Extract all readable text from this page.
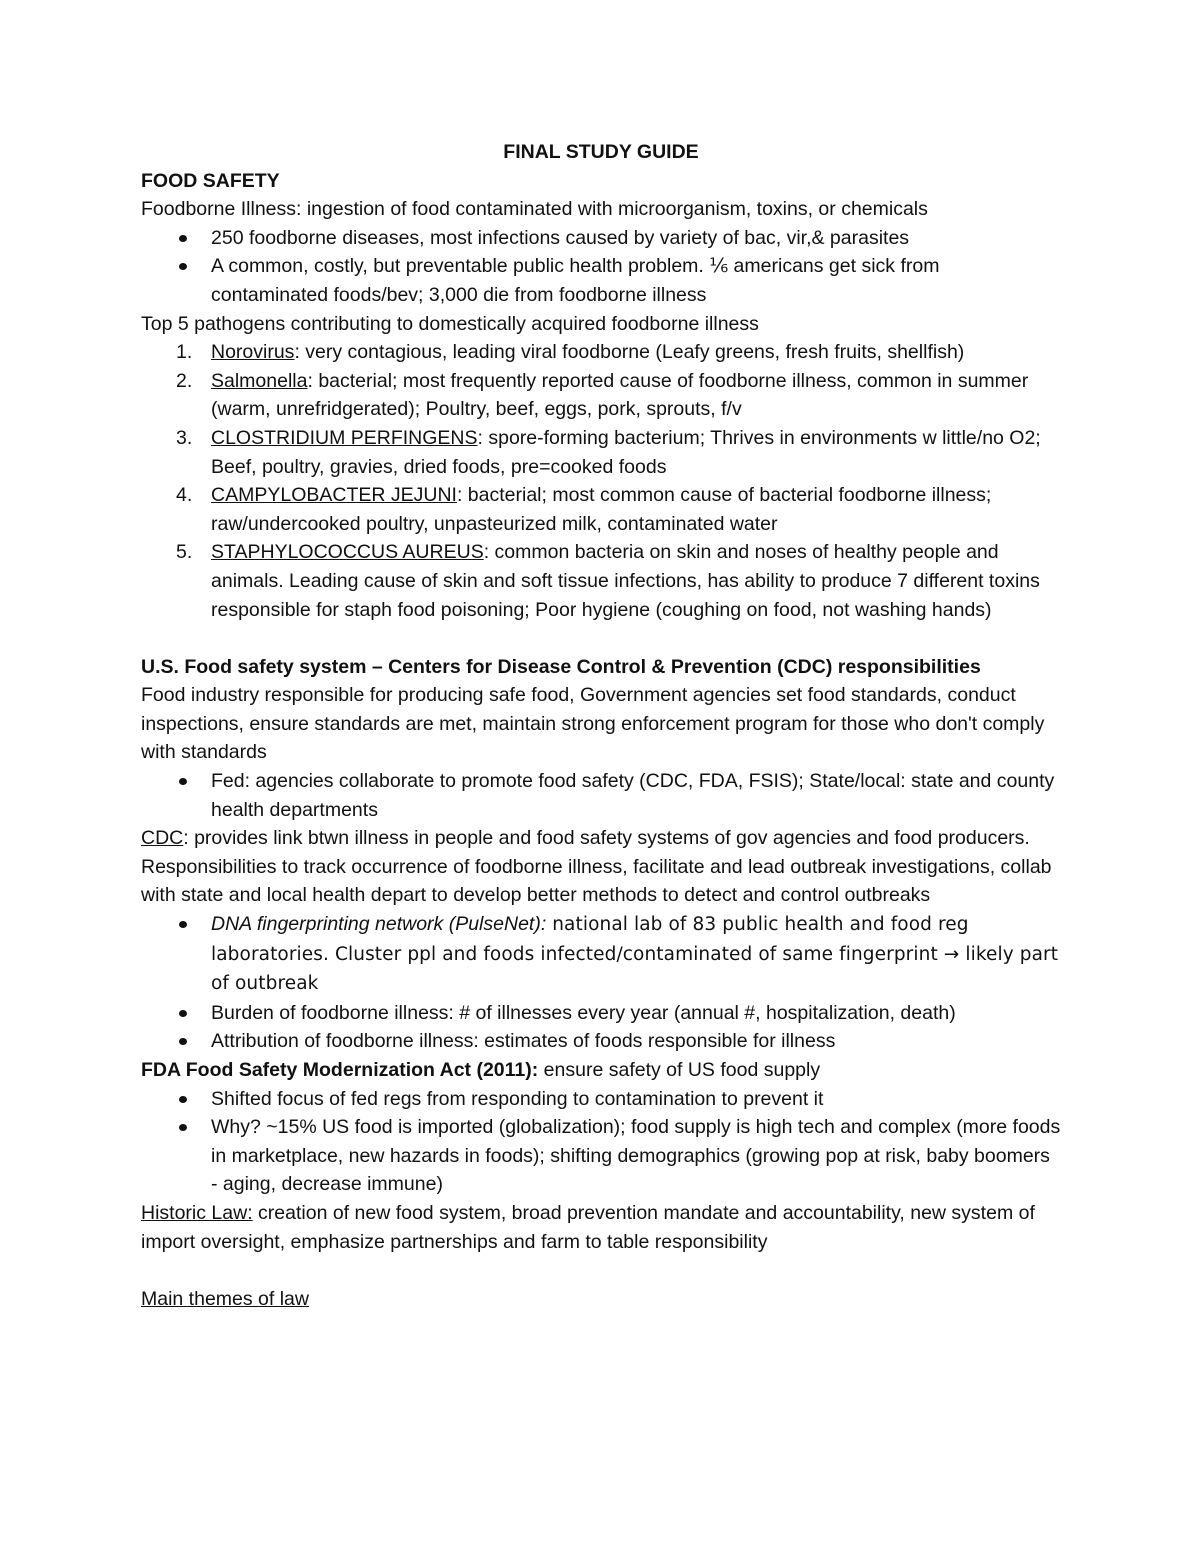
FINAL STUDY GUIDE

FOOD SAFETY

Foodborne Illness: ingestion of food contaminated with microorganism, toxins, or chemicals

250 foodborne diseases, most infections caused by variety of bac, vir,& parasites
A common, costly, but preventable public health problem. ⅙ americans get sick from contaminated foods/bev; 3,000 die from foodborne illness

Top 5 pathogens contributing to domestically acquired foodborne illness

1. Norovirus: very contagious, leading viral foodborne (Leafy greens, fresh fruits, shellfish)
2. Salmonella: bacterial; most frequently reported cause of foodborne illness, common in summer (warm, unrefridgerated); Poultry, beef, eggs, pork, sprouts, f/v
3. CLOSTRIDIUM PERFINGENS: spore-forming bacterium; Thrives in environments w little/no O2; Beef, poultry, gravies, dried foods, pre=cooked foods
4. CAMPYLOBACTER JEJUNI: bacterial; most common cause of bacterial foodborne illness; raw/undercooked poultry, unpasteurized milk, contaminated water
5. STAPHYLOCOCCUS AUREUS: common bacteria on skin and noses of healthy people and animals. Leading cause of skin and soft tissue infections, has ability to produce 7 different toxins responsible for staph food poisoning; Poor hygiene (coughing on food, not washing hands)

U.S. Food safety system – Centers for Disease Control & Prevention (CDC) responsibilities

Food industry responsible for producing safe food, Government agencies set food standards, conduct inspections, ensure standards are met, maintain strong enforcement program for those who don't comply with standards

Fed: agencies collaborate to promote food safety (CDC, FDA, FSIS); State/local: state and county health departments

CDC: provides link btwn illness in people and food safety systems of gov agencies and food producers. Responsibilities to track occurrence of foodborne illness, facilitate and lead outbreak investigations, collab with state and local health depart to develop better methods to detect and control outbreaks

DNA fingerprinting network (PulseNet): national lab of 83 public health and food reg laboratories. Cluster ppl and foods infected/contaminated of same fingerprint → likely part of outbreak
Burden of foodborne illness: # of illnesses every year (annual #, hospitalization, death)
Attribution of foodborne illness: estimates of foods responsible for illness

FDA Food Safety Modernization Act (2011): ensure safety of US food supply

Shifted focus of fed regs from responding to contamination to prevent it
Why? ~15% US food is imported (globalization); food supply is high tech and complex (more foods in marketplace, new hazards in foods); shifting demographics (growing pop at risk, baby boomers - aging, decrease immune)

Historic Law: creation of new food system, broad prevention mandate and accountability, new system of import oversight, emphasize partnerships and farm to table responsibility

Main themes of law
